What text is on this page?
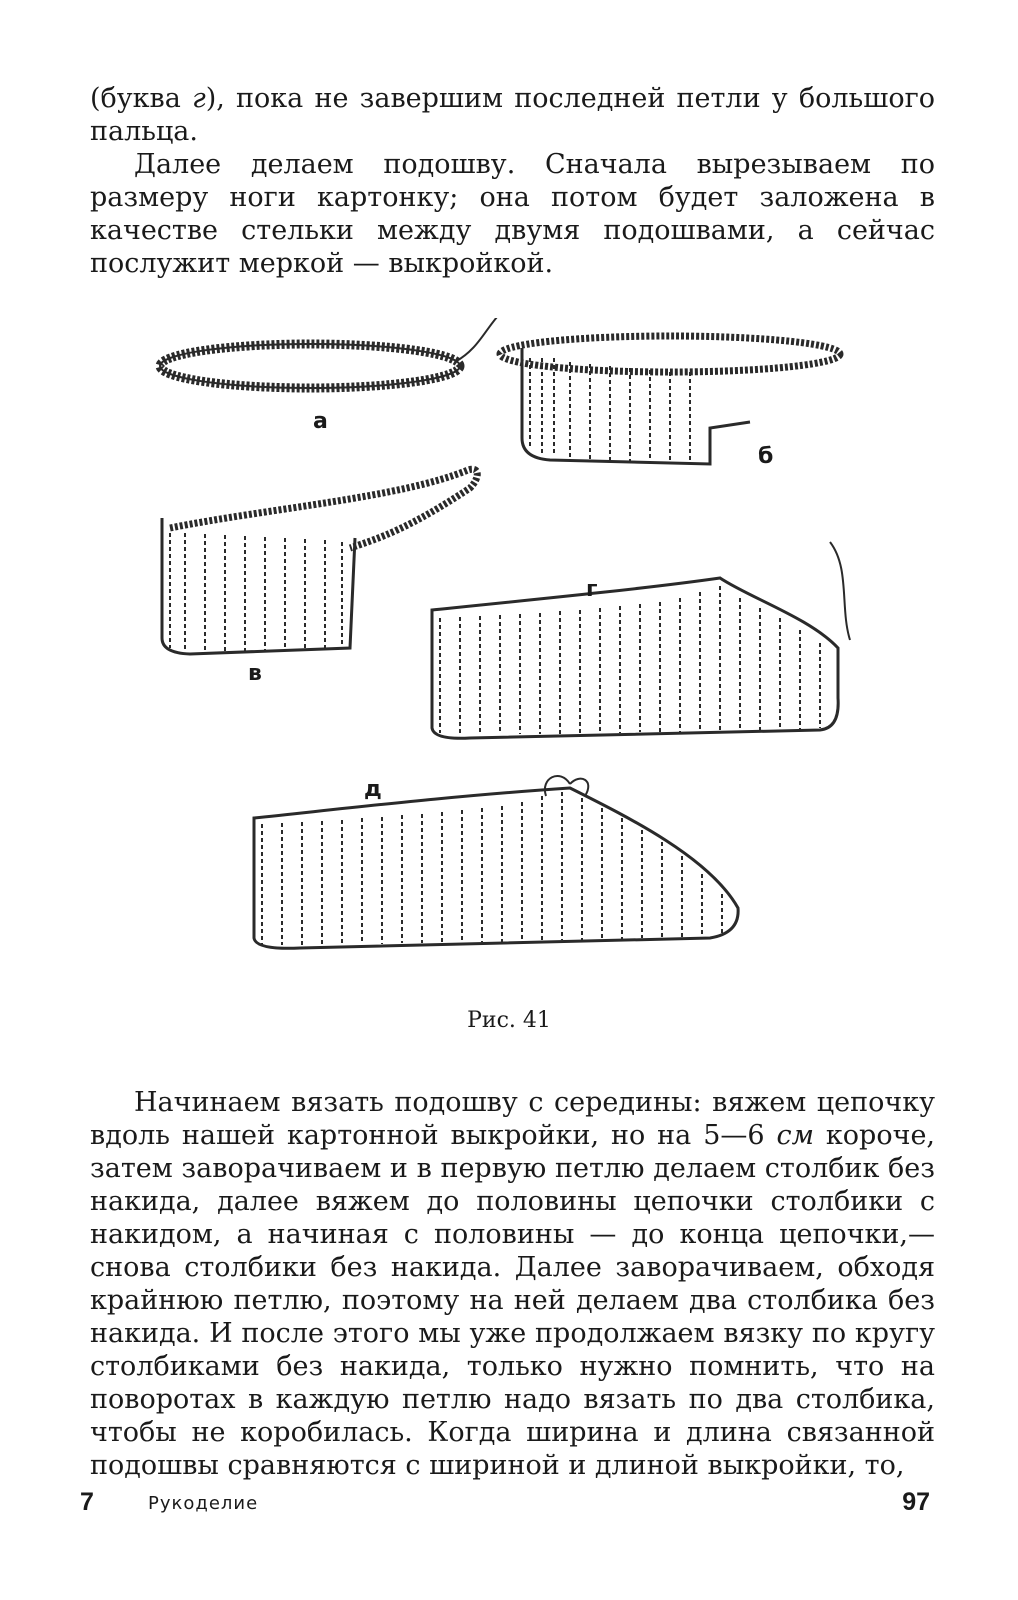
(буква г), пока не завершим последней петли у большого пальца.

Далее делаем подошву. Сначала вырезываем по размеру ноги картонку; она потом будет заложена в качестве стельки между двумя подошвами, а сейчас послужит меркой — выкройкой.

а
б
в
г
д
Рис. 41

Начинаем вязать подошву с середины: вяжем цепочку вдоль нашей картонной выкройки, но на 5—6 см короче, затем заворачиваем и в первую петлю делаем столбик без накида, далее вяжем до половины цепочки столбики с накидом, а начиная с половины — до конца цепочки,— снова столбики без накида. Далее заворачиваем, обходя крайнюю петлю, поэтому на ней делаем два столбика без накида. И после этого мы уже продолжаем вязку по кругу столбиками без накида, только нужно помнить, что на поворотах в каждую петлю надо вязать по два столбика, чтобы не коробилась. Когда ширина и длина связанной подошвы сравняются с шириной и длиной выкройки, то,

7	Рукоделие	97
